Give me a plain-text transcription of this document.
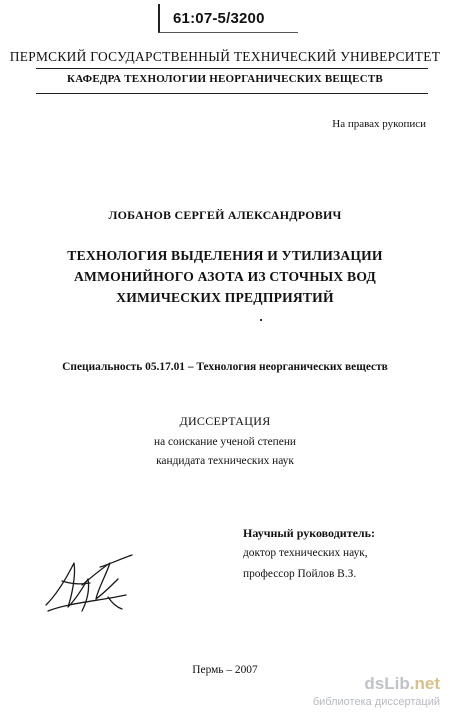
61:07-5/3200
ПЕРМСКИЙ ГОСУДАРСТВЕННЫЙ ТЕХНИЧЕСКИЙ УНИВЕРСИТЕТ
КАФЕДРА ТЕХНОЛОГИИ НЕОРГАНИЧЕСКИХ ВЕЩЕСТВ
На правах рукописи
ЛОБАНОВ СЕРГЕЙ АЛЕКСАНДРОВИЧ
ТЕХНОЛОГИЯ ВЫДЕЛЕНИЯ И УТИЛИЗАЦИИ
АММОНИЙНОГО АЗОТА ИЗ СТОЧНЫХ ВОД
ХИМИЧЕСКИХ ПРЕДПРИЯТИЙ
Специальность 05.17.01 – Технология неорганических веществ
ДИССЕРТАЦИЯ
на соискание ученой степени
кандидата технических наук
Научный руководитель:
доктор технических наук,
профессор Пойлов В.З.
Пермь – 2007
dsLib.net
библиотека диссертаций
